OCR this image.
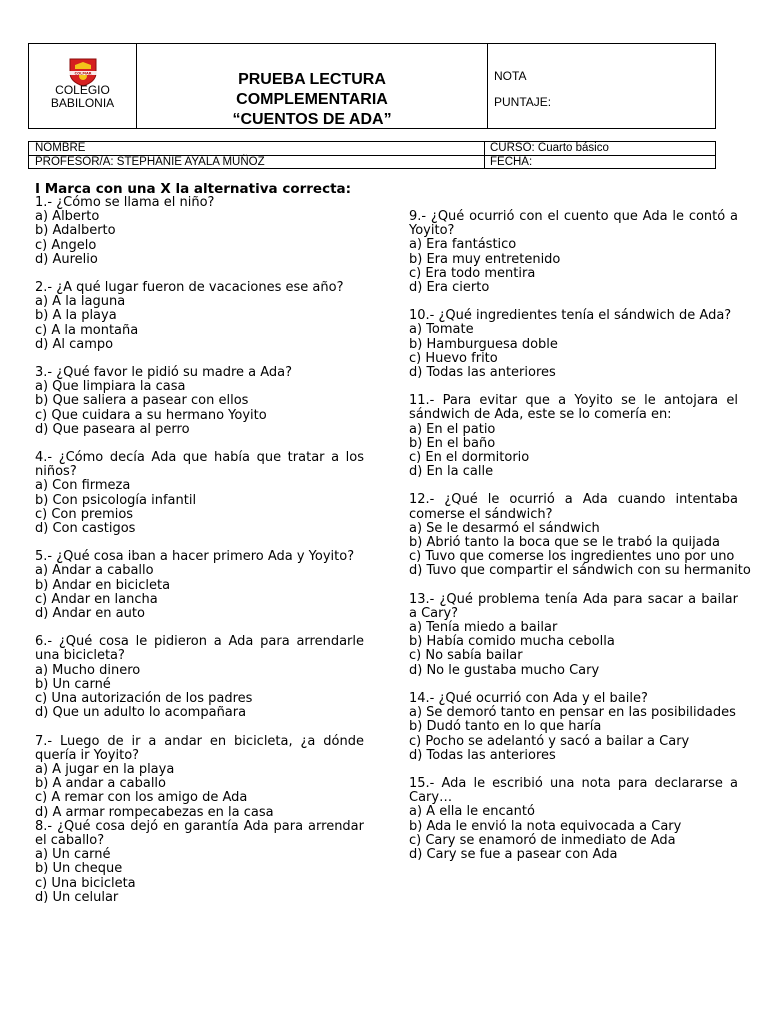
COLMAR
COLEGIO
BABILONIA
PRUEBA LECTURA
COMPLEMENTARIA
“CUENTOS DE ADA”
NOTA
PUNTAJE:
NOMBRE	CURSO: Cuarto básico
PROFESOR/A: STEPHANIE AYALA MUÑOZ	FECHA:
I Marca con una X la alternativa correcta:
1.- ¿Cómo se llama el niño?
a) Alberto
b) Adalberto
c) Angelo
d) Aurelio
2.- ¿A qué lugar fueron de vacaciones ese año?
a) A la laguna
b) A la playa
c) A la montaña
d) Al campo
3.- ¿Qué favor le pidió su madre a Ada?
a) Que limpiara la casa
b) Que saliera a pasear con ellos
c) Que cuidara a su hermano Yoyito
d) Que paseara al perro
4.- ¿Cómo decía Ada que había que tratar a los niños?
a) Con firmeza
b) Con psicología infantil
c) Con premios
d) Con castigos
5.- ¿Qué cosa iban a hacer primero Ada y Yoyito?
a) Andar a caballo
b) Andar en bicicleta
c) Andar en lancha
d) Andar en auto
6.- ¿Qué cosa le pidieron a Ada para arrendarle una bicicleta?
a) Mucho dinero
b) Un carné
c) Una autorización de los padres
d) Que un adulto lo acompañara
7.- Luego de ir a andar en bicicleta, ¿a dónde quería ir Yoyito?
a) A jugar en la playa
b) A andar a caballo
c) A remar con los amigo de Ada
d) A armar rompecabezas en la casa
8.- ¿Qué cosa dejó en garantía Ada para arrendar el caballo?
a) Un carné
b) Un cheque
c) Una bicicleta
d) Un celular
9.- ¿Qué ocurrió con el cuento que Ada le contó a Yoyito?
a) Era fantástico
b) Era muy entretenido
c) Era todo mentira
d) Era cierto
10.- ¿Qué ingredientes tenía el sándwich de Ada?
a) Tomate
b) Hamburguesa doble
c) Huevo frito
d) Todas las anteriores
11.- Para evitar que a Yoyito se le antojara el sándwich de Ada, este se lo comería en:
a) En el patio
b) En el baño
c) En el dormitorio
d) En la calle
12.- ¿Qué le ocurrió a Ada cuando intentaba comerse el sándwich?
a) Se le desarmó el sándwich
b) Abrió tanto la boca que se le trabó la quijada
c) Tuvo que comerse los ingredientes uno por uno
d) Tuvo que compartir el sándwich con su hermanito
13.- ¿Qué problema tenía Ada para sacar a bailar a Cary?
a) Tenía miedo a bailar
b) Había comido mucha cebolla
c) No sabía bailar
d) No le gustaba mucho Cary
14.- ¿Qué ocurrió con Ada y el baile?
a) Se demoró tanto en pensar en las posibilidades
b) Dudó tanto en lo que haría
c) Pocho se adelantó y sacó a bailar a Cary
d) Todas las anteriores
15.- Ada le escribió una nota para declararse a Cary…
a) A ella le encantó
b) Ada le envió la nota equivocada a Cary
c) Cary se enamoró de inmediato de Ada
d) Cary se fue a pasear con Ada
